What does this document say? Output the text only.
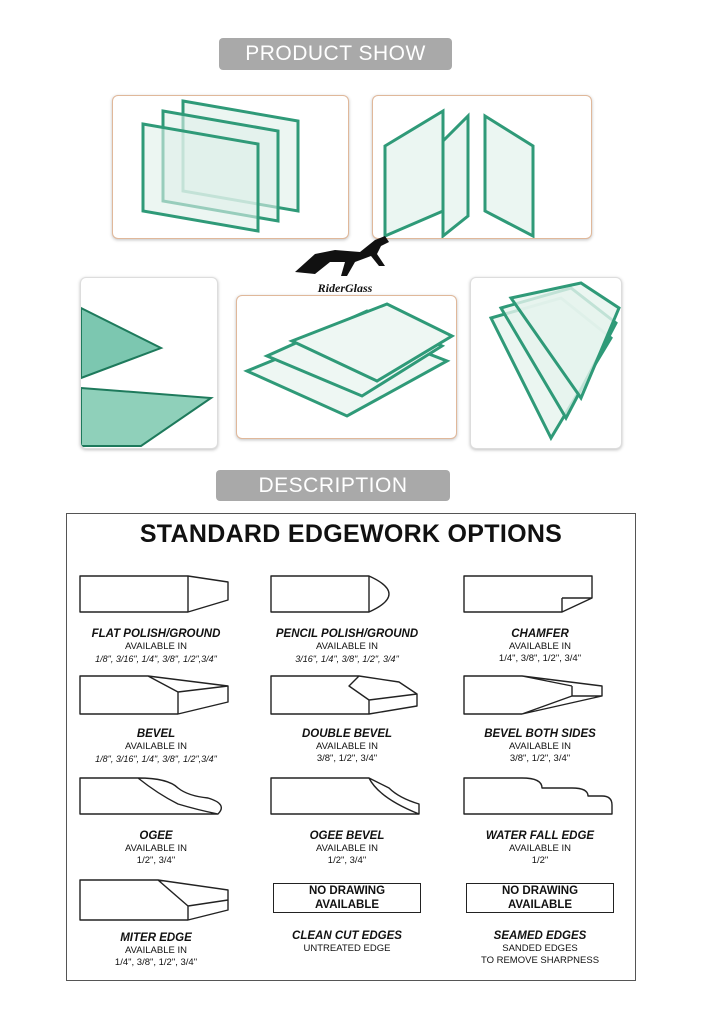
PRODUCT SHOW
RiderGlass
DESCRIPTION
STANDARD EDGEWORK OPTIONS
FLAT POLISH/GROUND
AVAILABLE IN
1/8", 3/16", 1/4", 3/8", 1/2",3/4"
PENCIL POLISH/GROUND
AVAILABLE IN
3/16", 1/4", 3/8", 1/2", 3/4"
CHAMFER
AVAILABLE IN
1/4", 3/8", 1/2", 3/4"
BEVEL
AVAILABLE IN
1/8", 3/16", 1/4", 3/8", 1/2",3/4"
DOUBLE BEVEL
AVAILABLE IN
3/8", 1/2", 3/4"
BEVEL BOTH SIDES
AVAILABLE IN
3/8", 1/2", 3/4"
OGEE
AVAILABLE IN
1/2", 3/4"
OGEE BEVEL
AVAILABLE IN
1/2", 3/4"
WATER FALL EDGE
AVAILABLE IN
1/2"
MITER EDGE
AVAILABLE IN
1/4", 3/8", 1/2", 3/4"
NO DRAWING
AVAILABLE
CLEAN CUT EDGES
UNTREATED EDGE
NO DRAWING
AVAILABLE
SEAMED EDGES
SANDED EDGES
TO REMOVE SHARPNESS
